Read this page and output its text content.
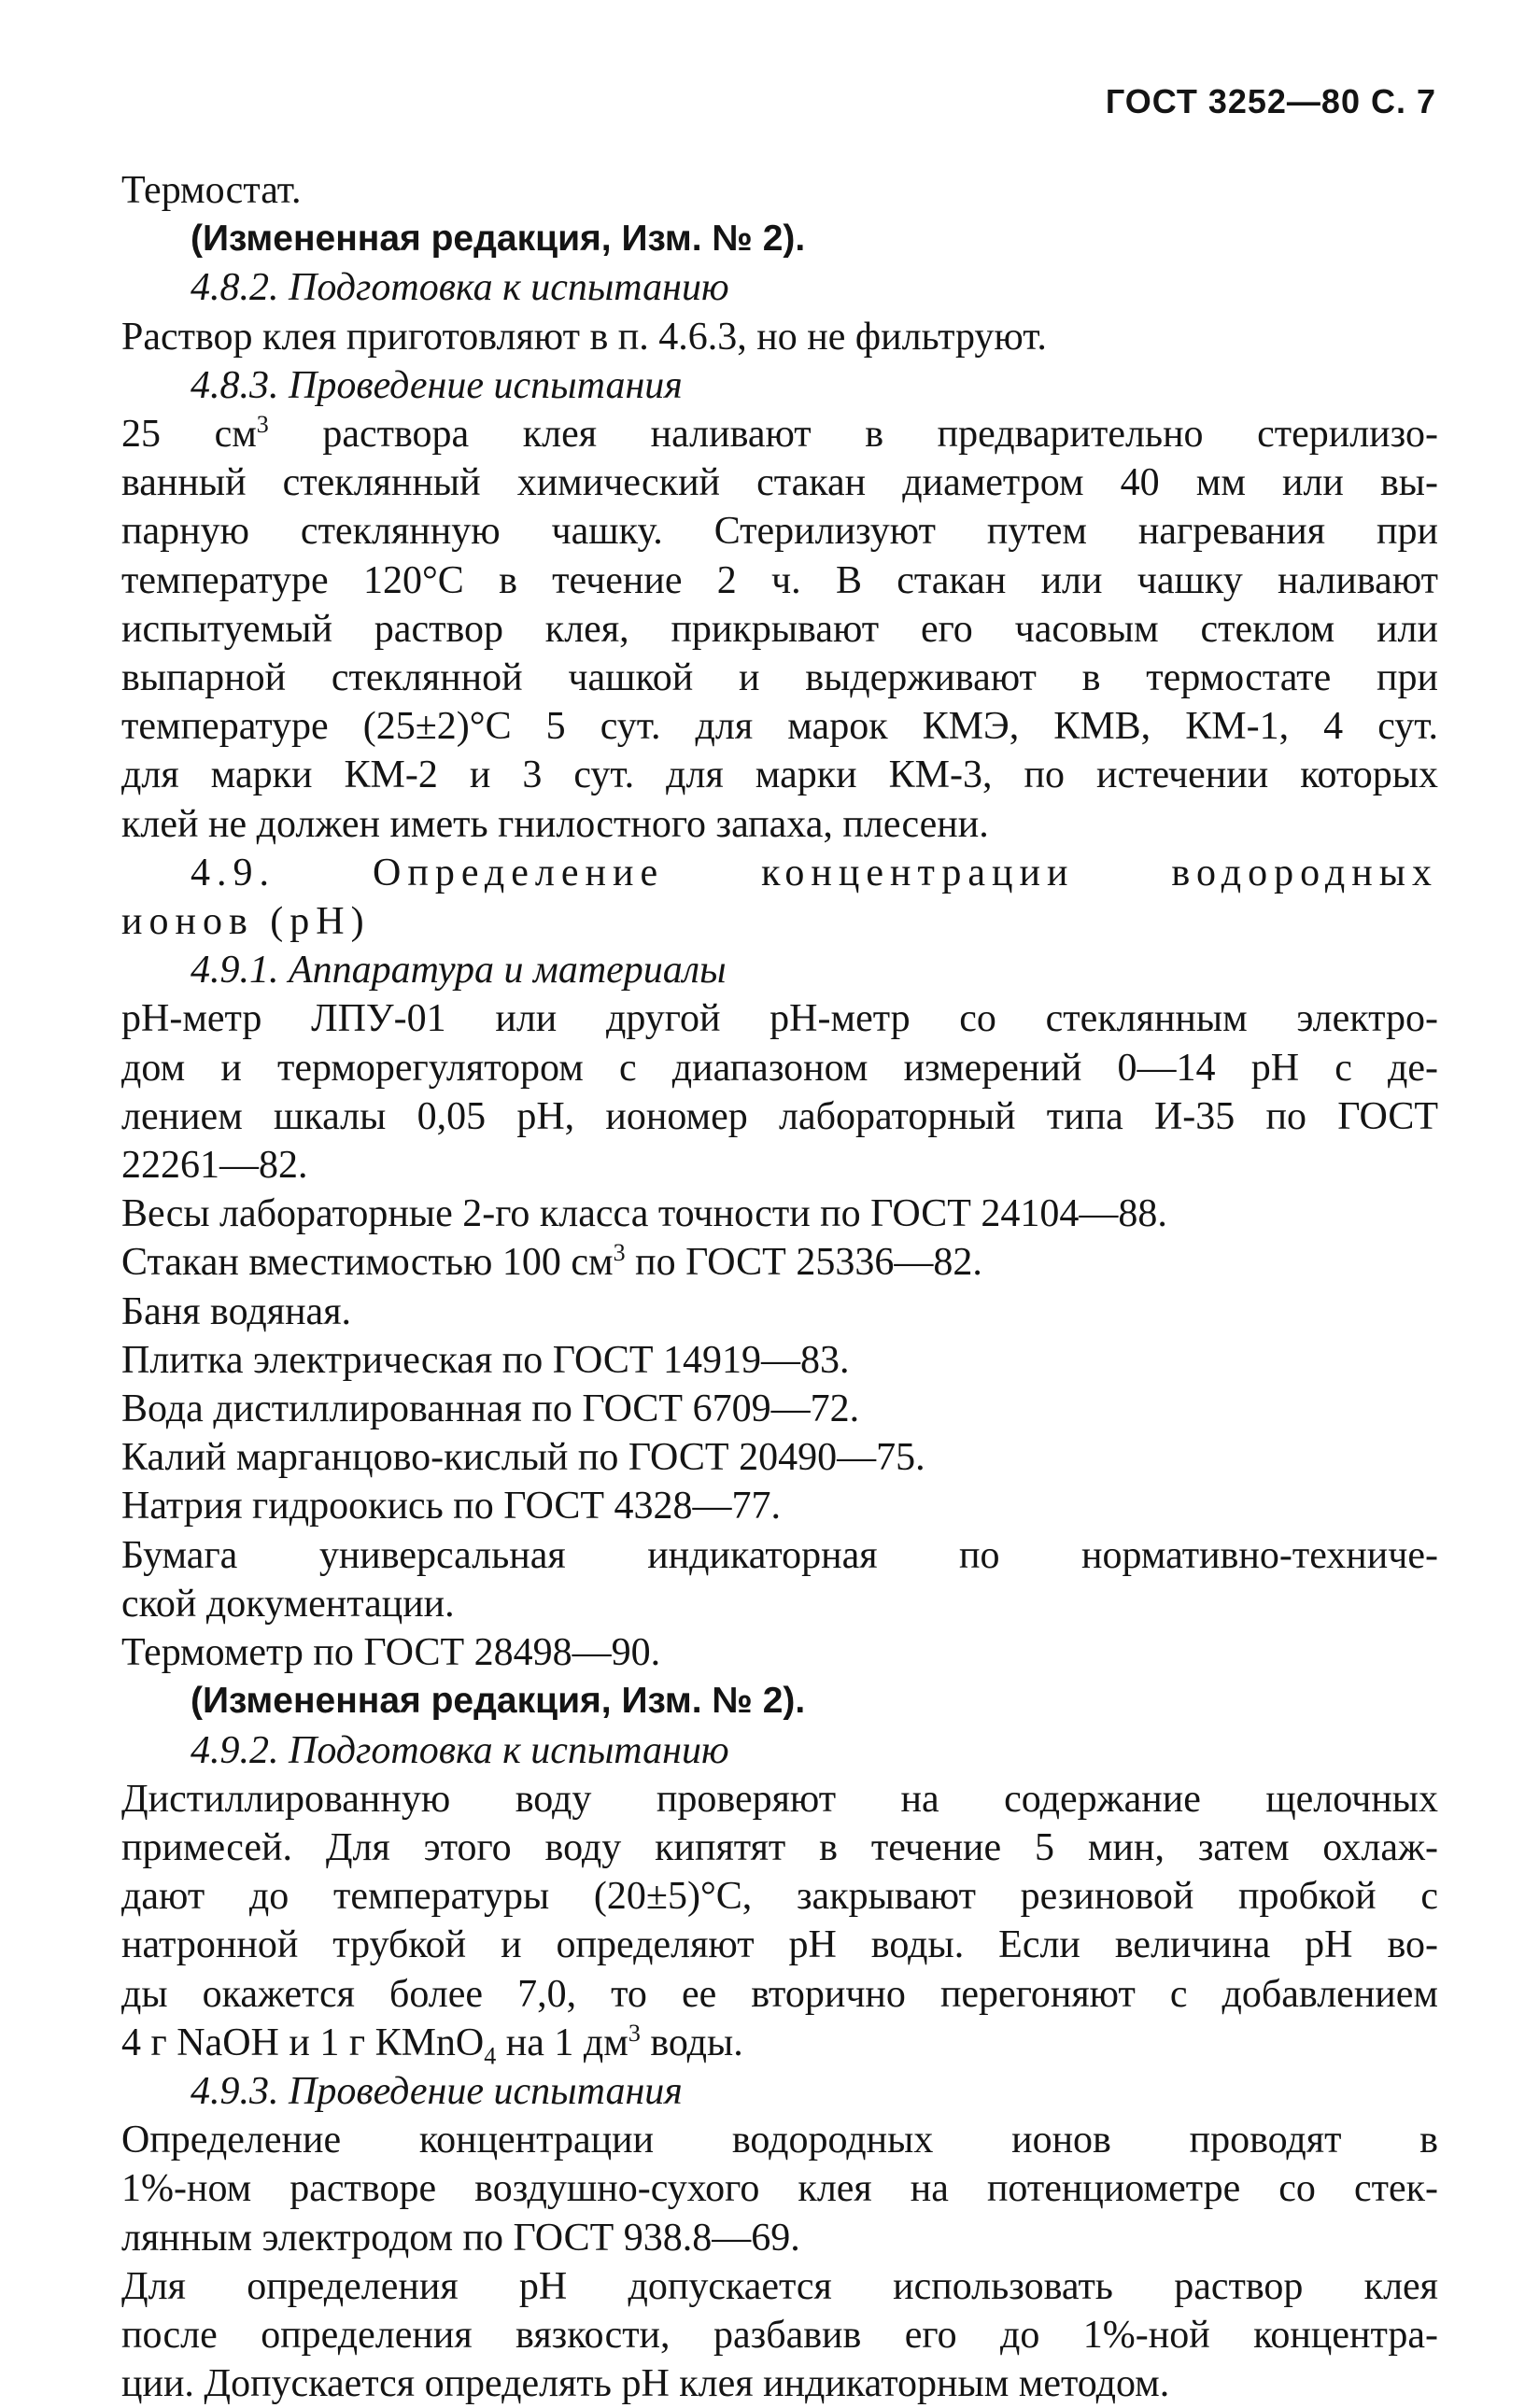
ГОСТ 3252—80 С. 7
Термостат.
(Измененная редакция, Изм. № 2).
4.8.2. Подготовка к испытанию
Раствор клея приготовляют в п. 4.6.3, но не фильтруют.
4.8.3. Проведение испытания
25 $см^3$ раствора клея наливают в предварительно стерилизо-
ванный стеклянный химический стакан диаметром 40 мм или вы-
парную стеклянную чашку. Стерилизуют путем нагревания при
температуре 120°С в течение 2 ч. В стакан или чашку наливают
испытуемый раствор клея, прикрывают его часовым стеклом или
выпарной стеклянной чашкой и выдерживают в термостате при
температуре (25±2)°С 5 сут. для марок КМЭ, КМВ, КМ-1, 4 сут.
для марки КМ-2 и 3 сут. для марки КМ-3, по истечении которых
клей не должен иметь гнилостного запаха, плесени.
4.9. Определение концентрации водородных
ионов (рН)
4.9.1. Аппаратура и материалы
рН-метр ЛПУ-01 или другой рН-метр со стеклянным электро-
дом и терморегулятором с диапазоном измерений 0—14 рН с де-
лением шкалы 0,05 рН, иономер лабораторный типа И-35 по ГОСТ
22261—82.
Весы лабораторные 2-го класса точности по ГОСТ 24104—88.
Стакан вместимостью 100 $см^3$ по ГОСТ 25336—82.
Баня водяная.
Плитка электрическая по ГОСТ 14919—83.
Вода дистиллированная по ГОСТ 6709—72.
Калий марганцово-кислый по ГОСТ 20490—75.
Натрия гидроокись по ГОСТ 4328—77.
Бумага универсальная индикаторная по нормативно-техниче-
ской документации.
Термометр по ГОСТ 28498—90.
(Измененная редакция, Изм. № 2).
4.9.2. Подготовка к испытанию
Дистиллированную воду проверяют на содержание щелочных
примесей. Для этого воду кипятят в течение 5 мин, затем охлаж-
дают до температуры (20±5)°С, закрывают резиновой пробкой с
натронной трубкой и определяют рН воды. Если величина рН во-
ды окажется более 7,0, то ее вторично перегоняют с добавлением
4 г NaOH и 1 г КMnO$_4$ на 1 $дм^3$ воды.
4.9.3. Проведение испытания
Определение концентрации водородных ионов проводят в
1%-ном растворе воздушно-сухого клея на потенциометре со стек-
лянным электродом по ГОСТ 938.8—69.
Для определения рН допускается использовать раствор клея
после определения вязкости, разбавив его до 1%-ной концентра-
ции. Допускается определять рН клея индикаторным методом.
